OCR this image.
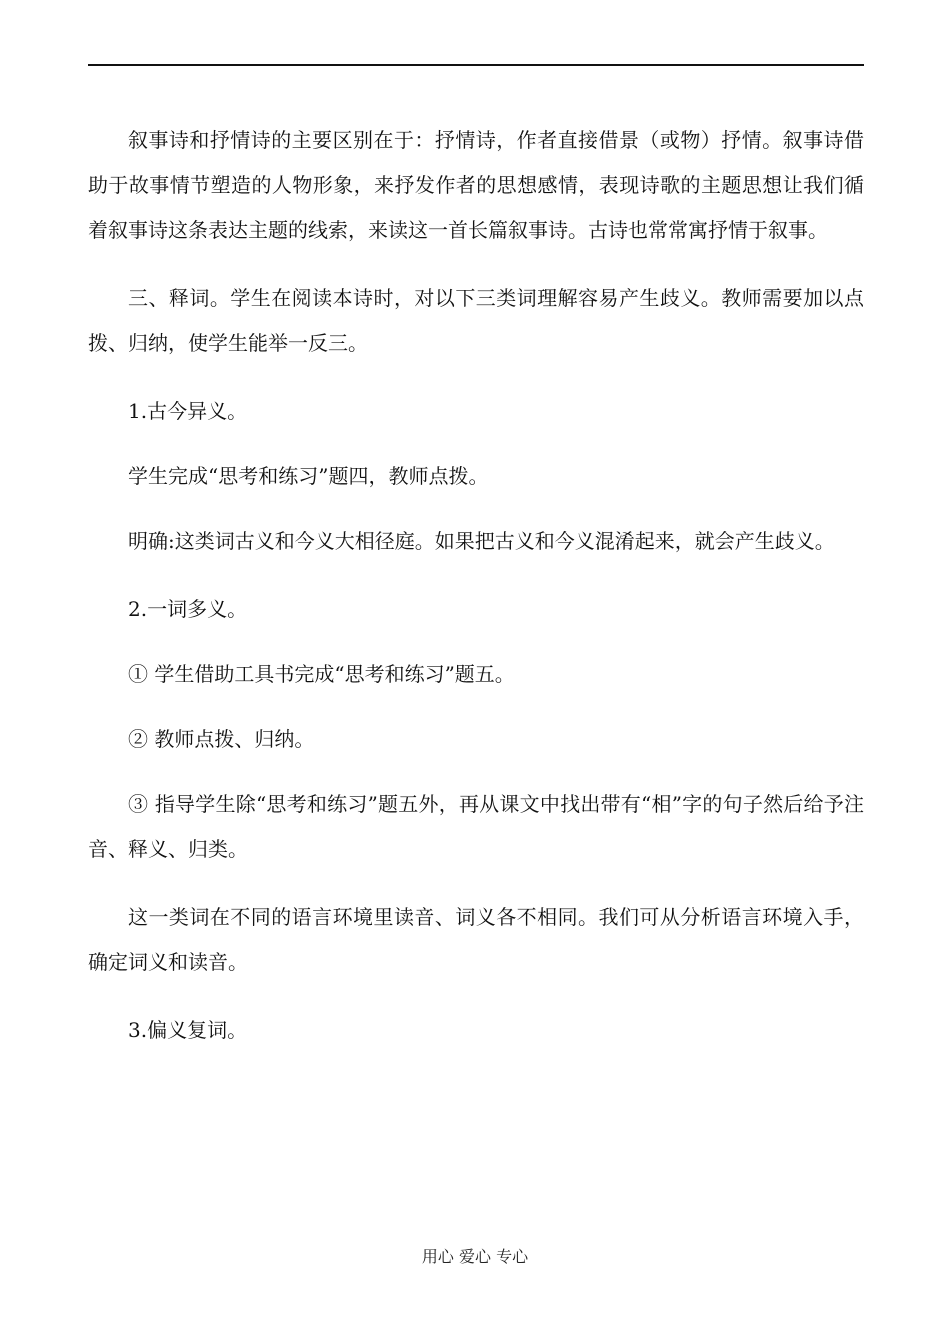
叙事诗和抒情诗的主要区别在于：抒情诗，作者直接借景（或物）抒情。叙事诗借助于故事情节塑造的人物形象，来抒发作者的思想感情，表现诗歌的主题思想让我们循着叙事诗这条表达主题的线索，来读这一首长篇叙事诗。古诗也常常寓抒情于叙事。

三、释词。学生在阅读本诗时，对以下三类词理解容易产生歧义。教师需要加以点拨、归纳，使学生能举一反三。

1.古今异义。

学生完成“思考和练习”题四，教师点拨。

明确:这类词古义和今义大相径庭。如果把古义和今义混淆起来，就会产生歧义。

2.一词多义。

① 学生借助工具书完成“思考和练习”题五。

② 教师点拨、归纳。

③ 指导学生除“思考和练习”题五外，再从课文中找出带有“相”字的句子然后给予注音、释义、归类。

这一类词在不同的语言环境里读音、词义各不相同。我们可从分析语言环境入手，确定词义和读音。

3.偏义复词。

用心 爱心 专心
